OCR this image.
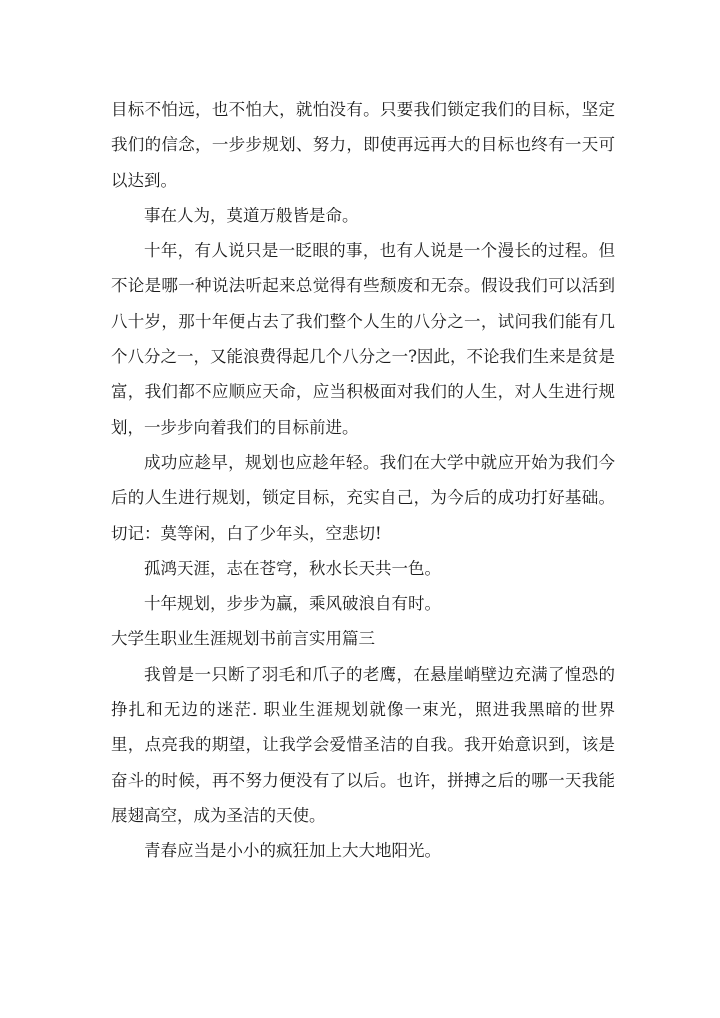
目标不怕远，也不怕大，就怕没有。只要我们锁定我们的目标，坚定我们的信念，一步步规划、努力，即使再远再大的目标也终有一天可以达到。

事在人为，莫道万般皆是命。

十年，有人说只是一眨眼的事，也有人说是一个漫长的过程。但不论是哪一种说法听起来总觉得有些颓废和无奈。假设我们可以活到八十岁，那十年便占去了我们整个人生的八分之一，试问我们能有几个八分之一，又能浪费得起几个八分之一?因此，不论我们生来是贫是富，我们都不应顺应天命，应当积极面对我们的人生，对人生进行规划，一步步向着我们的目标前进。

成功应趁早，规划也应趁年轻。我们在大学中就应开始为我们今后的人生进行规划，锁定目标，充实自己，为今后的成功打好基础。切记：莫等闲，白了少年头，空悲切!

孤鸿天涯，志在苍穹，秋水长天共一色。

十年规划，步步为赢，乘风破浪自有时。

大学生职业生涯规划书前言实用篇三

我曾是一只断了羽毛和爪子的老鹰，在悬崖峭壁边充满了惶恐的挣扎和无边的迷茫. 职业生涯规划就像一束光，照进我黑暗的世界里，点亮我的期望，让我学会爱惜圣洁的自我。我开始意识到，该是奋斗的时候，再不努力便没有了以后。也许，拼搏之后的哪一天我能展翅高空，成为圣洁的天使。

青春应当是小小的疯狂加上大大地阳光。
